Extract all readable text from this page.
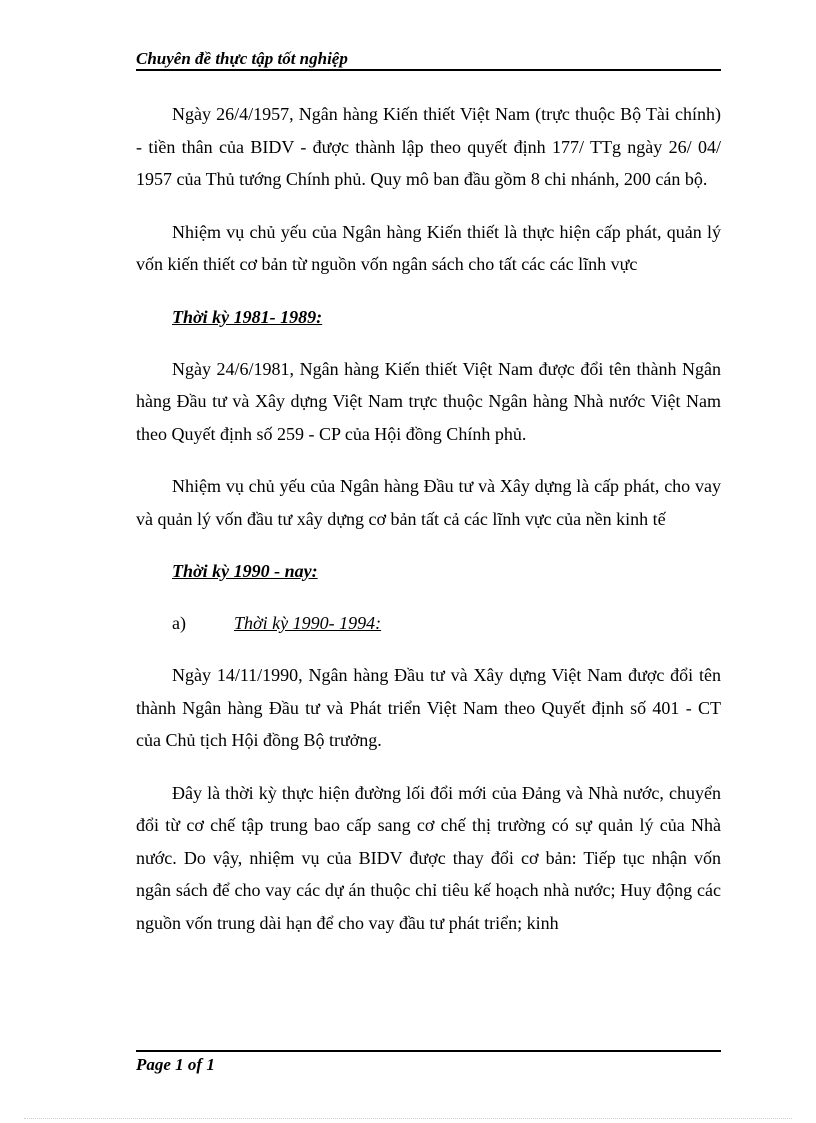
Chuyên đề thực tập tốt nghiệp

Ngày 26/4/1957, Ngân hàng Kiến thiết Việt Nam (trực thuộc Bộ Tài chính) - tiền thân của BIDV - được thành lập theo quyết định 177/ TTg ngày 26/ 04/ 1957 của Thủ tướng Chính phủ. Quy mô ban đầu gồm 8 chi nhánh, 200 cán bộ.

Nhiệm vụ chủ yếu của Ngân hàng Kiến thiết là thực hiện cấp phát, quản lý vốn kiến thiết cơ bản từ nguồn vốn ngân sách cho tất các các lĩnh vực

Thời kỳ 1981- 1989:

Ngày 24/6/1981, Ngân hàng Kiến thiết Việt Nam được đổi tên thành Ngân hàng Đầu tư và Xây dựng Việt Nam trực thuộc Ngân hàng Nhà nước Việt Nam theo Quyết định số 259 - CP của Hội đồng Chính phủ.

Nhiệm vụ chủ yếu của Ngân hàng Đầu tư và Xây dựng là cấp phát, cho vay và quản lý vốn đầu tư xây dựng cơ bản tất cả các lĩnh vực của nền kinh tế

Thời kỳ 1990 - nay:
a)	Thời kỳ 1990- 1994:

Ngày 14/11/1990, Ngân hàng Đầu tư và Xây dựng Việt Nam được đổi tên thành Ngân hàng Đầu tư và Phát triển Việt Nam theo Quyết định số 401 - CT của Chủ tịch Hội đồng Bộ trưởng.

Đây là thời kỳ thực hiện đường lối đổi mới của Đảng và Nhà nước, chuyển đổi từ cơ chế tập trung bao cấp sang cơ chế thị trường có sự quản lý của Nhà nước. Do vậy, nhiệm vụ của BIDV được thay đổi cơ bản: Tiếp tục nhận vốn ngân sách để cho vay các dự án thuộc chỉ tiêu kế hoạch nhà nước; Huy động các nguồn vốn trung dài hạn để cho vay đầu tư phát triển; kinh

Page 1 of 1
